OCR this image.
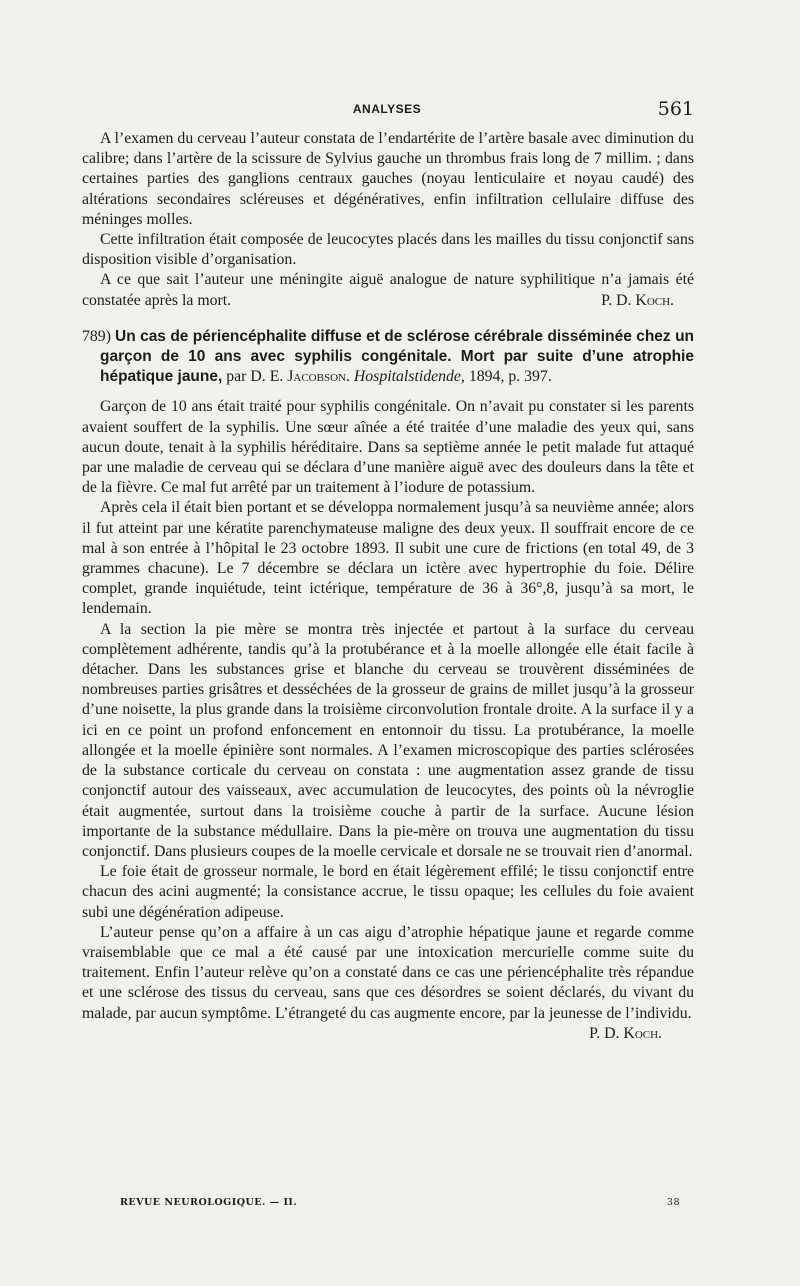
ANALYSES	561

A l’examen du cerveau l’auteur constata de l’endartérite de l’artère basale avec diminution du calibre; dans l’artère de la scissure de Sylvius gauche un thrombus frais long de 7 millim. ; dans certaines parties des ganglions centraux gauches (noyau lenticulaire et noyau caudé) des altérations secondaires scléreuses et dégénératives, enfin infiltration cellulaire diffuse des méninges molles.

Cette infiltration était composée de leucocytes placés dans les mailles du tissu conjonctif sans disposition visible d’organisation.

A ce que sait l’auteur une méningite aiguë analogue de nature syphilitique n’a jamais été constatée après la mort.	P. D. Koch.

789) Un cas de périencéphalite diffuse et de sclérose cérébrale disséminée chez un garçon de 10 ans avec syphilis congénitale. Mort par suite d’une atrophie hépatique jaune, par D. E. Jacobson. Hospitalstidende, 1894, p. 397.

Garçon de 10 ans était traité pour syphilis congénitale. On n’avait pu constater si les parents avaient souffert de la syphilis. Une sœur aînée a été traitée d’une maladie des yeux qui, sans aucun doute, tenait à la syphilis héréditaire. Dans sa septième année le petit malade fut attaqué par une maladie de cerveau qui se déclara d’une manière aiguë avec des douleurs dans la tête et de la fièvre. Ce mal fut arrêté par un traitement à l’iodure de potassium.

Après cela il était bien portant et se développa normalement jusqu’à sa neuvième année; alors il fut atteint par une kératite parenchymateuse maligne des deux yeux. Il souffrait encore de ce mal à son entrée à l’hôpital le 23 octobre 1893. Il subit une cure de frictions (en total 49, de 3 grammes chacune). Le 7 décembre se déclara un ictère avec hypertrophie du foie. Délire complet, grande inquiétude, teint ictérique, température de 36 à 36°,8, jusqu’à sa mort, le lendemain.

A la section la pie mère se montra très injectée et partout à la surface du cerveau complètement adhérente, tandis qu’à la protubérance et à la moelle allongée elle était facile à détacher. Dans les substances grise et blanche du cerveau se trouvèrent disséminées de nombreuses parties grisâtres et desséchées de la grosseur de grains de millet jusqu’à la grosseur d’une noisette, la plus grande dans la troisième circonvolution frontale droite. A la surface il y a ici en ce point un profond enfoncement en entonnoir du tissu. La protubérance, la moelle allongée et la moelle épinière sont normales. A l’examen microscopique des parties sclérosées de la substance corticale du cerveau on constata : une augmentation assez grande de tissu conjonctif autour des vaisseaux, avec accumulation de leucocytes, des points où la névroglie était augmentée, surtout dans la troisième couche à partir de la surface. Aucune lésion importante de la substance médullaire. Dans la pie-mère on trouva une augmentation du tissu conjonctif. Dans plusieurs coupes de la moelle cervicale et dorsale ne se trouvait rien d’anormal.

Le foie était de grosseur normale, le bord en était légèrement effilé; le tissu conjonctif entre chacun des acini augmenté; la consistance accrue, le tissu opaque; les cellules du foie avaient subi une dégénération adipeuse.

L’auteur pense qu’on a affaire à un cas aigu d’atrophie hépatique jaune et regarde comme vraisemblable que ce mal a été causé par une intoxication mercurielle comme suite du traitement. Enfin l’auteur relève qu’on a constaté dans ce cas une périencéphalite très répandue et une sclérose des tissus du cerveau, sans que ces désordres se soient déclarés, du vivant du malade, par aucun symptôme. L’étrangeté du cas augmente encore, par la jeunesse de l’individu.

P. D. Koch.

REVUE NEUROLOGIQUE. — II.	38
